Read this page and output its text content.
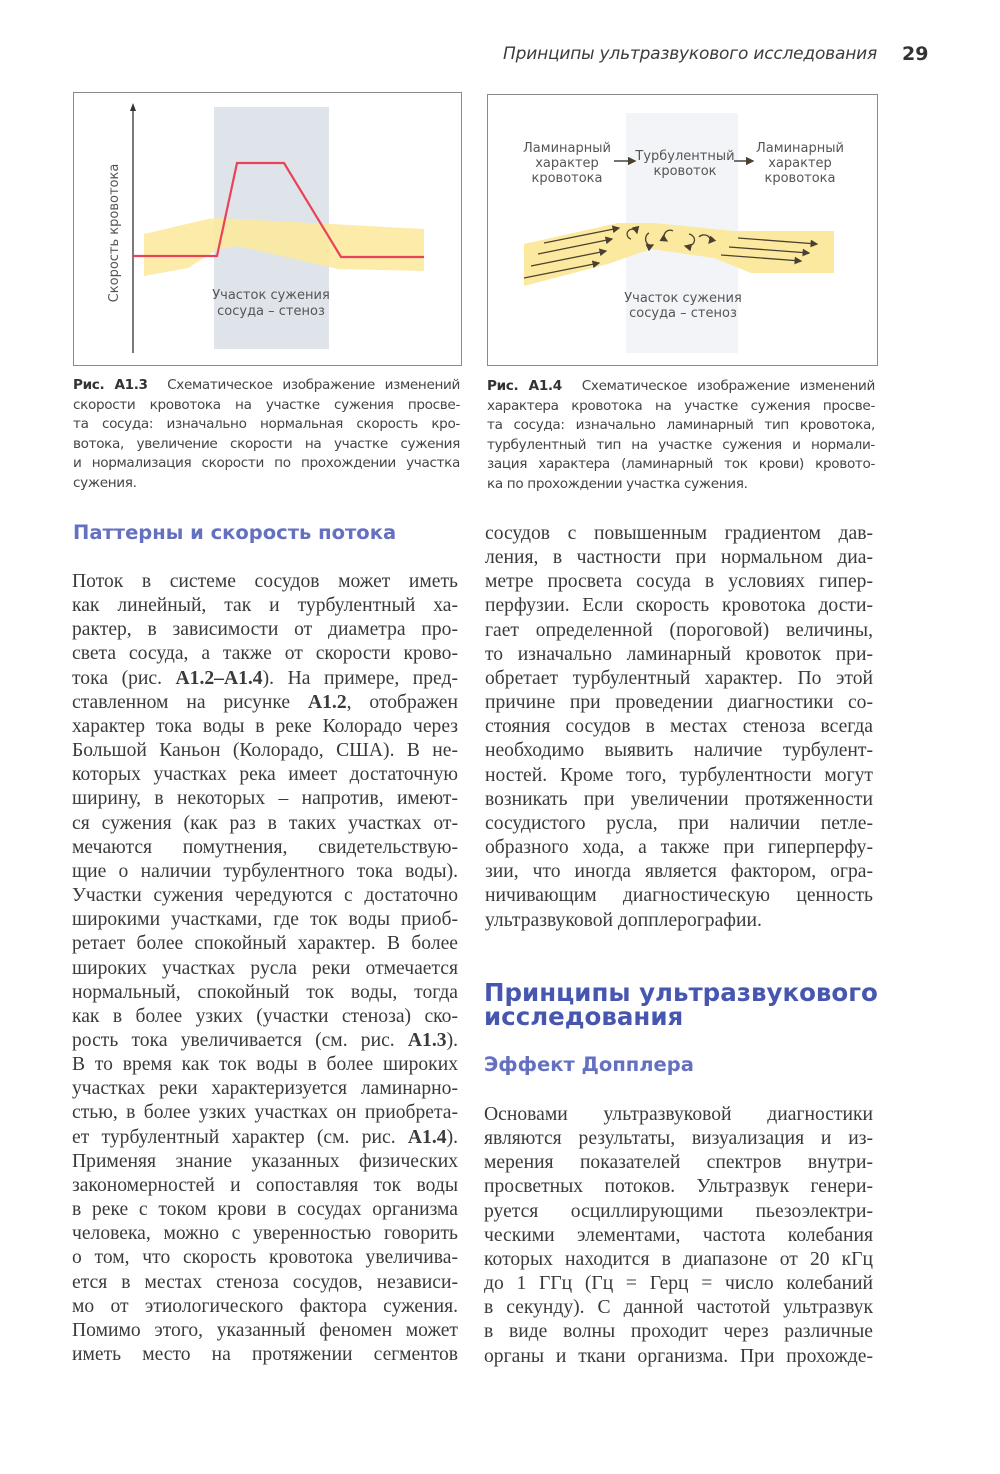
Принципы ультразвукового исследования 29
Скорость кровотока	Участок сужения
сосуда – стеноз
Ламинарный
характер
кровотока
Турбулентный
кровоток
Ламинарный
характер
кровотока
Участок сужения
сосуда – стеноз
Рис. A1.3 Схематическое изображение изменений
скорости кровотока на участке сужения просве-
та сосуда: изначально нормальная скорость кро-
вотока, увеличение скорости на участке сужения
и нормализация скорости по прохождении участка
сужения.
Рис. A1.4 Схематическое изображение изменений
характера кровотока на участке сужения просве-
та сосуда: изначально ламинарный тип кровотока,
турбулентный тип на участке сужения и нормали-
зация характера (ламинарный ток крови) кровото-
ка по прохождении участка сужения.
Паттерны и скорость потока
Поток в системе сосудов может иметь
как линейный, так и турбулентный ха-
рактер, в зависимости от диаметра про-
света сосуда, а также от скорости крово-
тока (рис. A1.2–A1.4). На примере, пред-
ставленном на рисунке A1.2, отображен
характер тока воды в реке Колорадо через
Большой Каньон (Колорадо, США). В не-
которых участках река имеет достаточную
ширину, в некоторых – напротив, имеют-
ся сужения (как раз в таких участках от-
мечаются помутнения, свидетельствую-
щие о наличии турбулентного тока воды).
Участки сужения чередуются с достаточно
широкими участками, где ток воды приоб-
ретает более спокойный характер. В более
широких участках русла реки отмечается
нормальный, спокойный ток воды, тогда
как в более узких (участки стеноза) ско-
рость тока увеличивается (см. рис. A1.3).
В то время как ток воды в более широких
участках реки характеризуется ламинарно-
стью, в более узких участках он приобрета-
ет турбулентный характер (см. рис. A1.4).
Применяя знание указанных физических
закономерностей и сопоставляя ток воды
в реке с током крови в сосудах организма
человека, можно с уверенностью говорить
о том, что скорость кровотока увеличива-
ется в местах стеноза сосудов, независи-
мо от этиологического фактора сужения.
Помимо этого, указанный феномен может
иметь место на протяжении сегментов
сосудов с повышенным градиентом дав-
ления, в частности при нормальном диа-
метре просвета сосуда в условиях гипер-
перфузии. Если скорость кровотока дости-
гает определенной (пороговой) величины,
то изначально ламинарный кровоток при-
обретает турбулентный характер. По этой
причине при проведении диагностики со-
стояния сосудов в местах стеноза всегда
необходимо выявить наличие турбулент-
ностей. Кроме того, турбулентности могут
возникать при увеличении протяженности
сосудистого русла, при наличии петле-
образного хода, а также при гиперперфу-
зии, что иногда является фактором, огра-
ничивающим диагностическую ценность
ультразвуковой допплерографии.
Принципы ультразвукового
исследования
Эффект Допплера
Основами ультразвуковой диагностики
являются результаты, визуализация и из-
мерения показателей спектров внутри-
просветных потоков. Ультразвук генери-
руется осциллирующими пьезоэлектри-
ческими элементами, частота колебания
которых находится в диапазоне от 20 кГц
до 1 ГГц (Гц = Герц = число колебаний
в секунду). С данной частотой ультразвук
в виде волны проходит через различные
органы и ткани организма. При прохожде-
